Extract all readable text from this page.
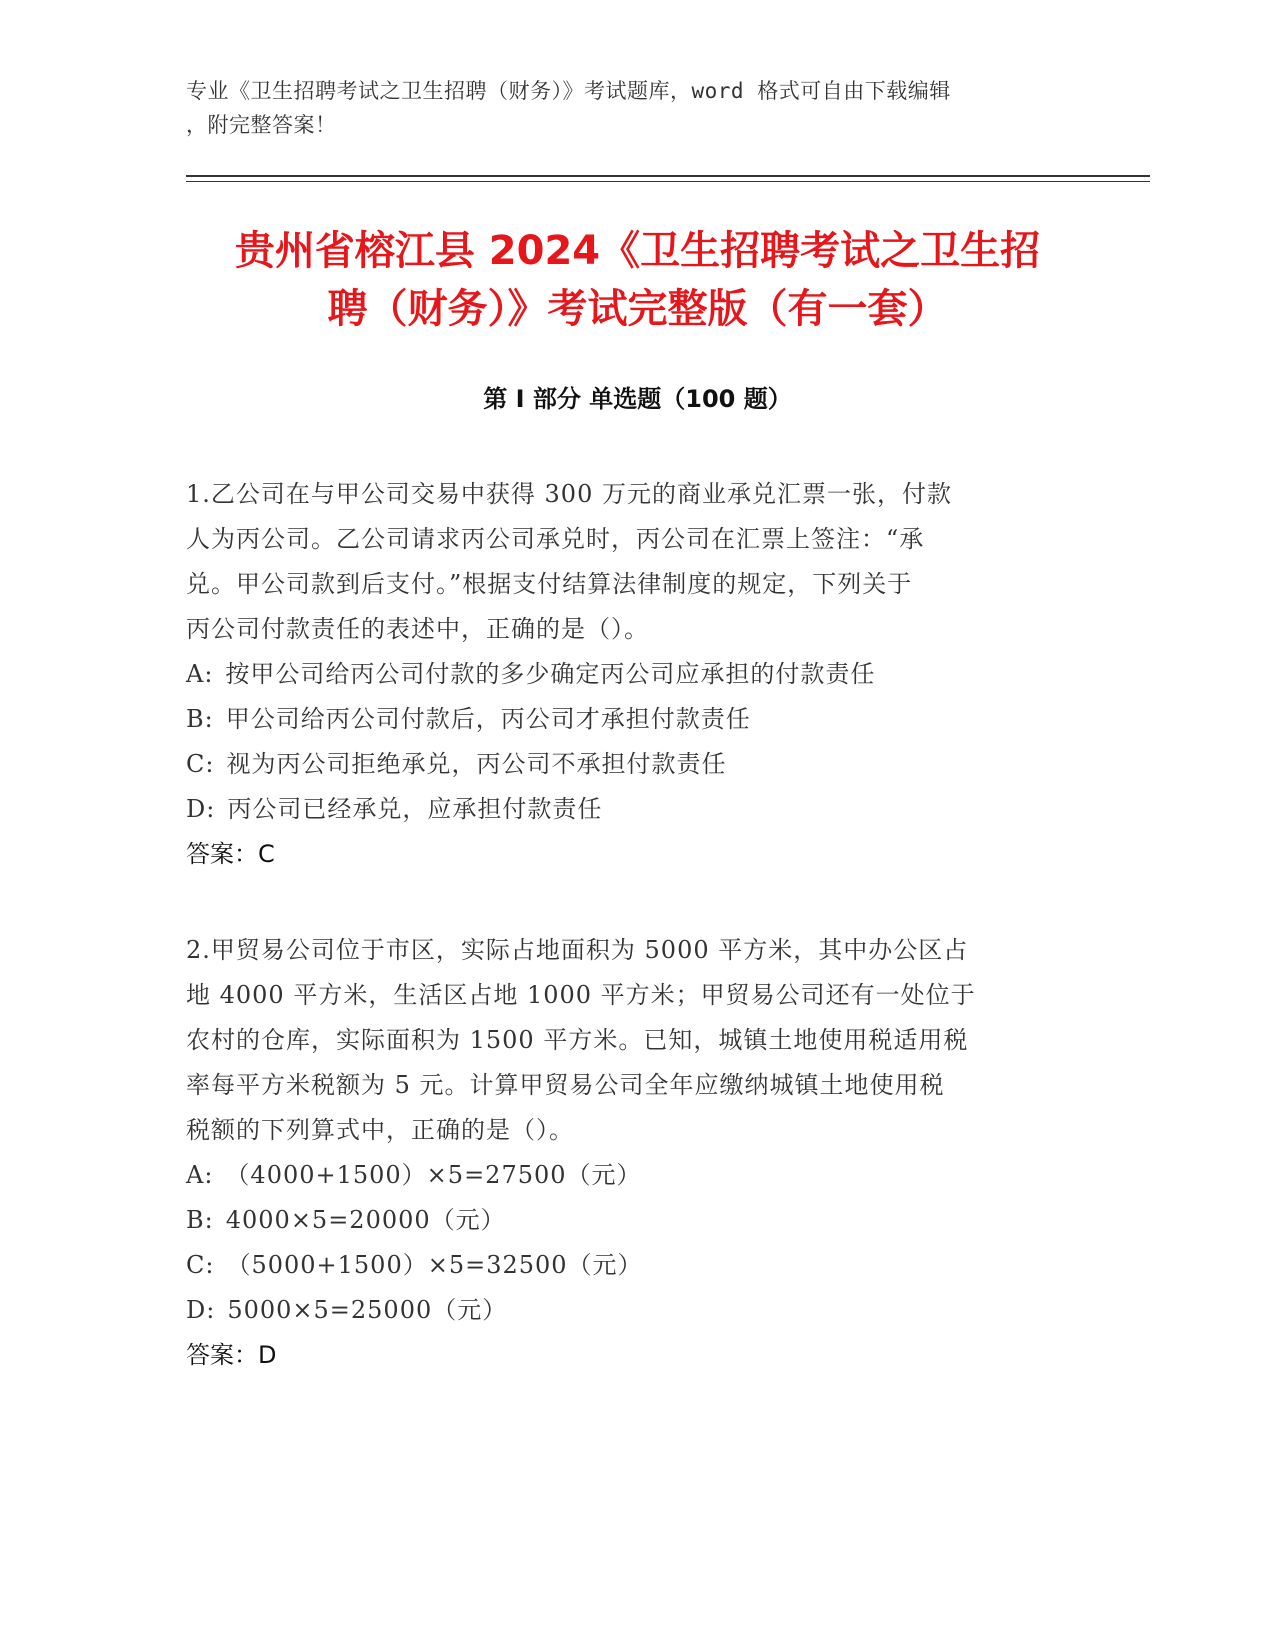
专业《卫生招聘考试之卫生招聘（财务）》考试题库，word 格式可自由下载编辑
，附完整答案！
贵州省榕江县 2024《卫生招聘考试之卫生招
聘（财务）》考试完整版（有一套）
第 I 部分 单选题（100 题）

1.乙公司在与甲公司交易中获得 300 万元的商业承兑汇票一张，付款

人为丙公司。乙公司请求丙公司承兑时，丙公司在汇票上签注：“承

兑。甲公司款到后支付。”根据支付结算法律制度的规定，下列关于

丙公司付款责任的表述中，正确的是（）。

A: 按甲公司给丙公司付款的多少确定丙公司应承担的付款责任

B: 甲公司给丙公司付款后，丙公司才承担付款责任

C: 视为丙公司拒绝承兑，丙公司不承担付款责任

D: 丙公司已经承兑，应承担付款责任

答案：C

2.甲贸易公司位于市区，实际占地面积为 5000 平方米，其中办公区占

地 4000 平方米，生活区占地 1000 平方米；甲贸易公司还有一处位于

农村的仓库，实际面积为 1500 平方米。已知，城镇土地使用税适用税

率每平方米税额为 5 元。计算甲贸易公司全年应缴纳城镇土地使用税

税额的下列算式中，正确的是（）。

A: （4000+1500）×5=27500（元）

B: 4000×5=20000（元）

C: （5000+1500）×5=32500（元）

D: 5000×5=25000（元）

答案：D
